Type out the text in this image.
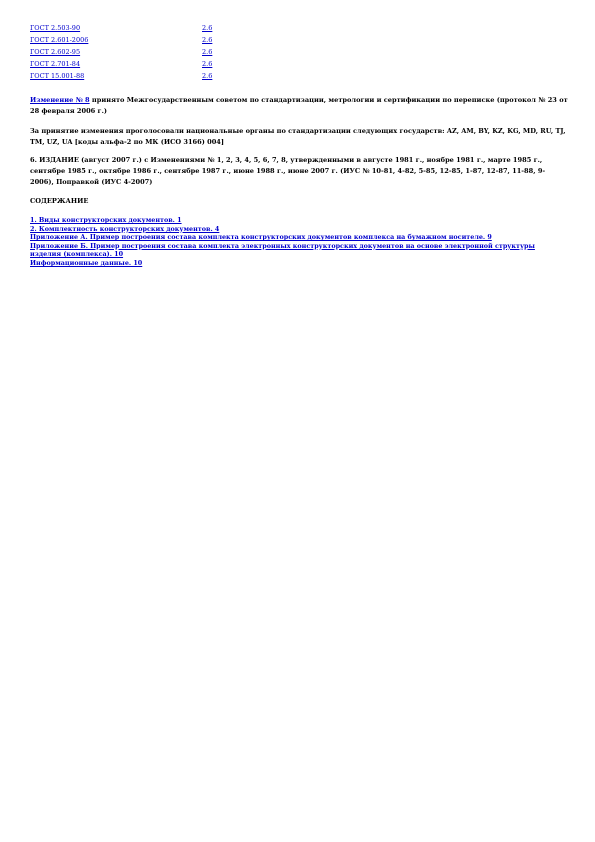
ГОСТ 2.503-90	2.6
ГОСТ 2.601-2006	2.6
ГОСТ 2.602-95	2.6
ГОСТ 2.701-84	2.6
ГОСТ 15.001-88	2.6

Изменение № 8 принято Межгосударственным советом по стандартизации, метрологии и сертификации по переписке (протокол № 23 от 28 февраля 2006 г.)

За принятие изменения проголосовали национальные органы по стандартизации следующих государств: AZ, AM, BY, KZ, KG, MD, RU, TJ, TM, UZ, UA [коды альфа-2 по МК (ИСО 3166) 004]

6. ИЗДАНИЕ (август 2007 г.) с Изменениями № 1, 2, 3, 4, 5, 6, 7, 8, утвержденными в августе 1981 г., ноябре 1981 г., марте 1985 г., сентябре 1985 г., октябре 1986 г., сентябре 1987 г., июне 1988 г., июне 2007 г. (ИУС № 10-81, 4-82, 5-85, 12-85, 1-87, 12-87, 11-88, 9-2006), Поправкой (ИУС 4-2007)

СОДЕРЖАНИЕ

1. Виды конструкторских документов. 1
2. Комплектность конструкторских документов. 4
Приложение А. Пример построения состава комплекта конструкторских документов комплекса на бумажном носителе. 9
Приложение Б. Пример построения состава комплекта электронных конструкторских документов на основе электронной структуры изделия (комплекса). 10
Информационные данные. 10
